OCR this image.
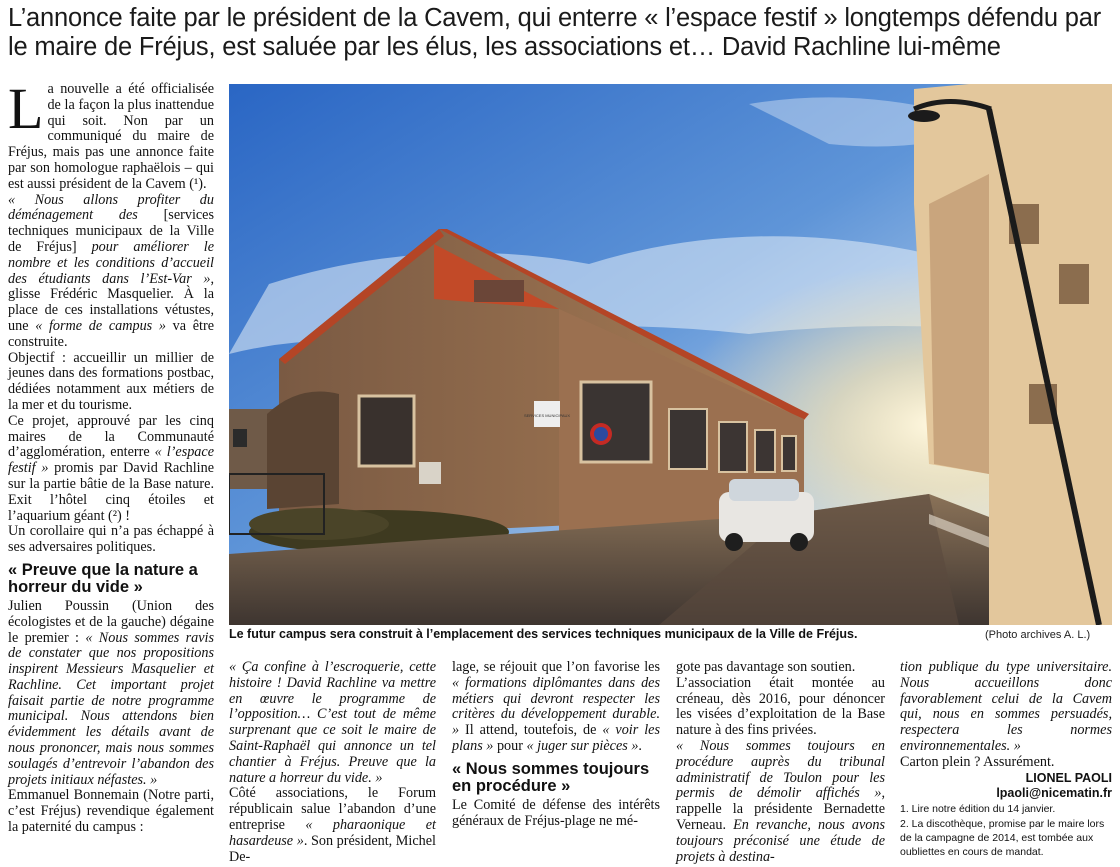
L’annonce faite par le président de la Cavem, qui enterre « l’espace festif » longtemps défendu par le maire de Fréjus, est saluée par les élus, les associations et… David Rachline lui-même

La nouvelle a été officialisée de la façon la plus inattendue qui soit. Non par un communiqué du maire de Fréjus, mais pas une annonce faite par son homologue raphaëlois – qui est aussi président de la Cavem (¹).

« Nous allons profiter du déménagement des [services techniques municipaux de la Ville de Fréjus] pour améliorer le nombre et les conditions d’accueil des étudiants dans l’Est-Var », glisse Frédéric Masquelier. À la place de ces installations vétustes, une « forme de campus » va être construite.

Objectif : accueillir un millier de jeunes dans des formations postbac, dédiées notamment aux métiers de la mer et du tourisme.

Ce projet, approuvé par les cinq maires de la Communauté d’agglomération, enterre « l’espace festif » promis par David Rachline sur la partie bâtie de la Base nature. Exit l’hôtel cinq étoiles et l’aquarium géant (²) !

Un corollaire qui n’a pas échappé à ses adversaires politiques.

« Preuve que la nature a horreur du vide »

Julien Poussin (Union des écologistes et de la gauche) dégaine le premier : « Nous sommes ravis de constater que nos propositions inspirent Messieurs Masquelier et Rachline. Cet important projet faisait partie de notre programme municipal. Nous attendons bien évidemment les détails avant de nous prononcer, mais nous sommes soulagés d’entrevoir l’abandon des projets initiaux néfastes. »

Emmanuel Bonnemain (Notre parti, c’est Fréjus) revendique également la paternité du campus :

SERVICES MUNICIPAUX
Le futur campus sera construit à l’emplacement des services techniques municipaux de la Ville de Fréjus.	(Photo archives A. L.)

« Ça confine à l’escroquerie, cette histoire ! David Rachline va mettre en œuvre le programme de l’opposition… C’est tout de même surprenant que ce soit le maire de Saint-Raphaël qui annonce un tel chantier à Fréjus. Preuve que la nature a horreur du vide. »

Côté associations, le Forum républicain salue l’abandon d’une entreprise « pharaonique et hasardeuse ». Son président, Michel De-

lage, se réjouit que l’on favorise les « formations diplômantes dans des métiers qui devront respecter les critères du développement durable. » Il attend, toutefois, de « voir les plans » pour « juger sur pièces ».

« Nous sommes toujours en procédure »

Le Comité de défense des intérêts généraux de Fréjus-plage ne mé-

gote pas davantage son soutien.

L’association était montée au créneau, dès 2016, pour dénoncer les visées d’exploitation de la Base nature à des fins privées.

« Nous sommes toujours en procédure auprès du tribunal administratif de Toulon pour les permis de démolir affichés », rappelle la présidente Bernadette Verneau. En revanche, nous avons toujours préconisé une étude de projets à destina-

tion publique du type universitaire. Nous accueillons donc favorablement celui de la Cavem qui, nous en sommes persuadés, respectera les normes environnementales. »

Carton plein ? Assurément.

LIONEL PAOLI

lpaoli@nicematin.fr

1. Lire notre édition du 14 janvier.

2. La discothèque, promise par le maire lors de la campagne de 2014, est tombée aux oubliettes en cours de mandat.
